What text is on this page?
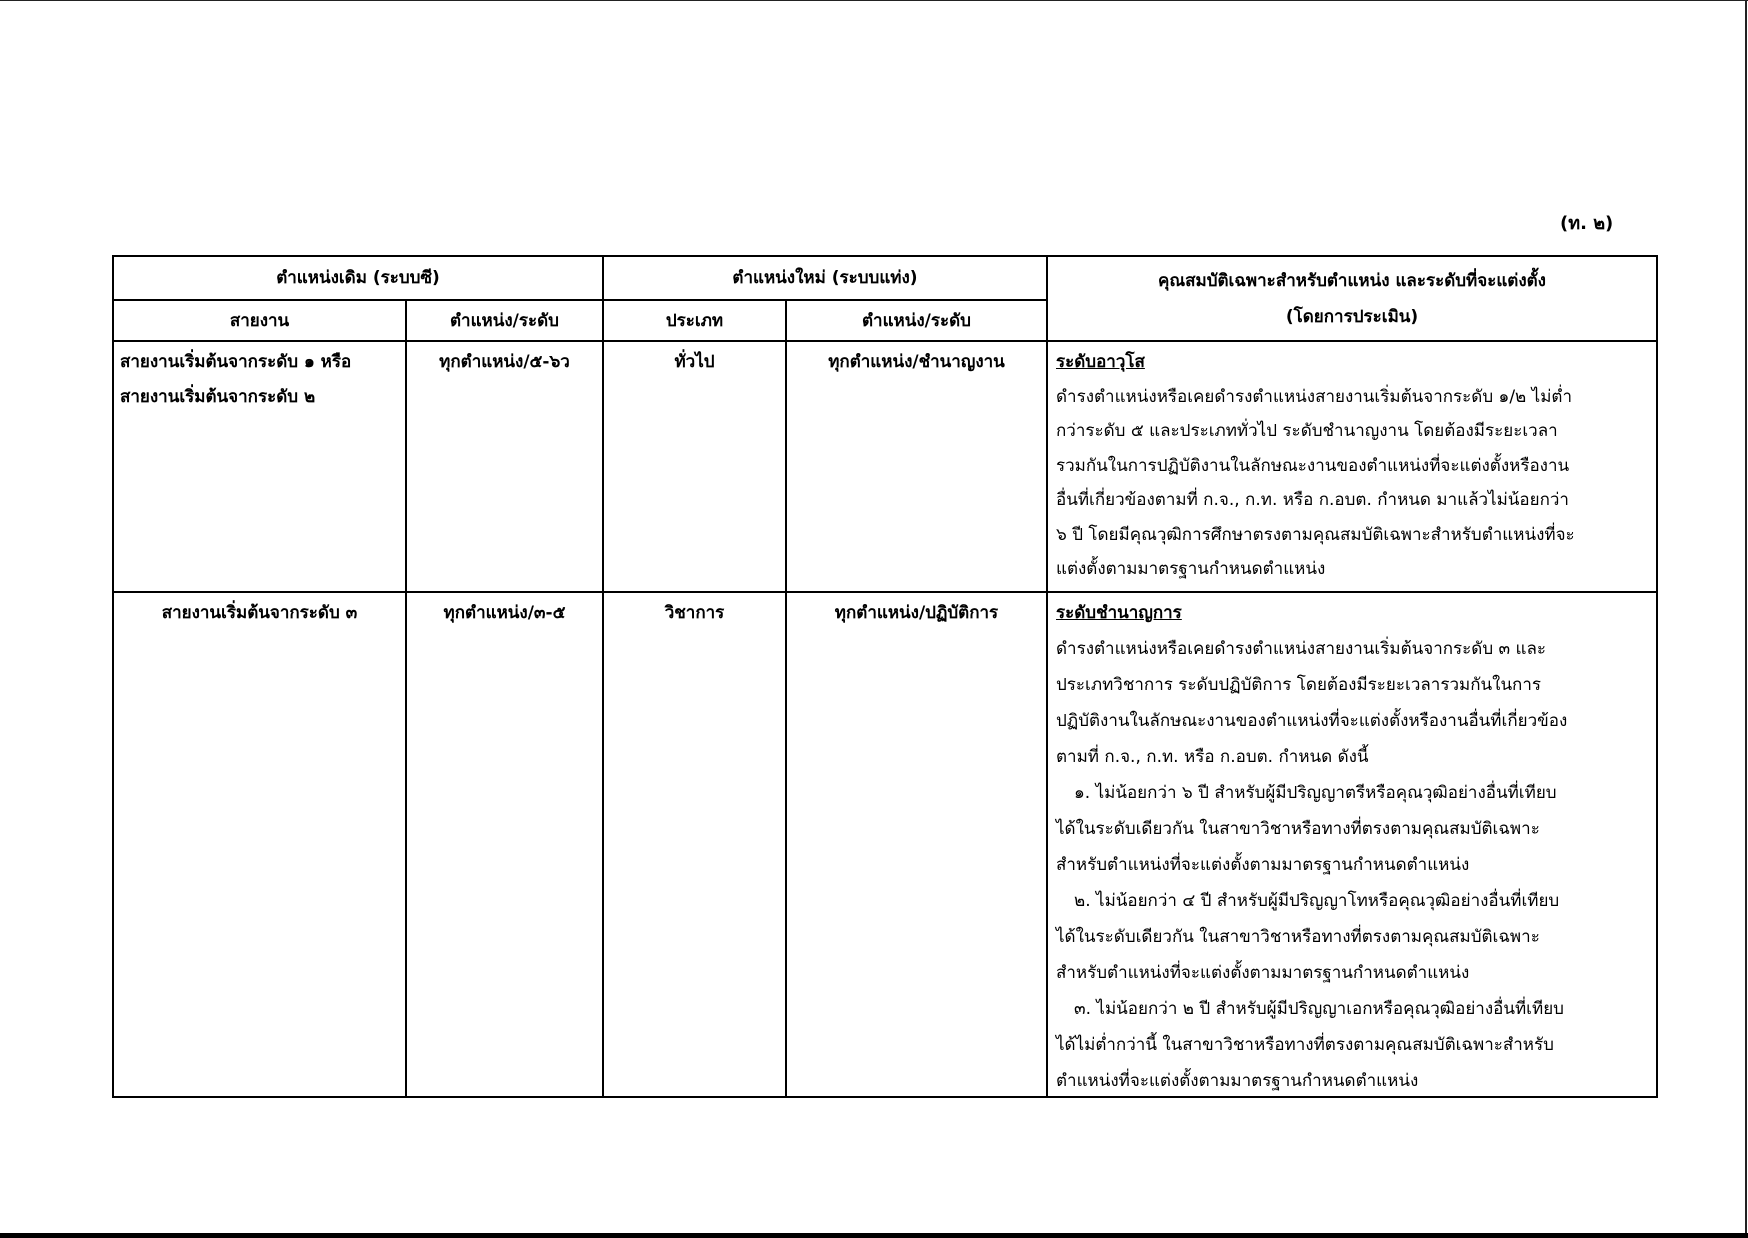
(ท. ๒)
ตำแหน่งเดิม (ระบบซี)	ตำแหน่งใหม่ (ระบบแท่ง)	คุณสมบัติเฉพาะสำหรับตำแหน่ง และระดับที่จะแต่งตั้ง
(โดยการประเมิน)
สายงาน	ตำแหน่ง/ระดับ	ประเภท	ตำแหน่ง/ระดับ
สายงานเริ่มต้นจากระดับ ๑ หรือ
สายงานเริ่มต้นจากระดับ ๒
ทุกตำแหน่ง/๕-๖ว	ทั่วไป	ทุกตำแหน่ง/ชำนาญงาน	ระดับอาวุโส
ดำรงตำแหน่งหรือเคยดำรงตำแหน่งสายงานเริ่มต้นจากระดับ ๑/๒ ไม่ต่ำ
กว่าระดับ ๕ และประเภททั่วไป ระดับชำนาญงาน โดยต้องมีระยะเวลา
รวมกันในการปฏิบัติงานในลักษณะงานของตำแหน่งที่จะแต่งตั้งหรืองาน
อื่นที่เกี่ยวข้องตามที่ ก.จ., ก.ท. หรือ ก.อบต. กำหนด มาแล้วไม่น้อยกว่า
๖ ปี โดยมีคุณวุฒิการศึกษาตรงตามคุณสมบัติเฉพาะสำหรับตำแหน่งที่จะ
แต่งตั้งตามมาตรฐานกำหนดตำแหน่ง
สายงานเริ่มต้นจากระดับ ๓	ทุกตำแหน่ง/๓-๕	วิชาการ	ทุกตำแหน่ง/ปฏิบัติการ	ระดับชำนาญการ
ดำรงตำแหน่งหรือเคยดำรงตำแหน่งสายงานเริ่มต้นจากระดับ ๓ และ
ประเภทวิชาการ ระดับปฏิบัติการ โดยต้องมีระยะเวลารวมกันในการ
ปฏิบัติงานในลักษณะงานของตำแหน่งที่จะแต่งตั้งหรืองานอื่นที่เกี่ยวข้อง
ตามที่ ก.จ., ก.ท. หรือ ก.อบต. กำหนด ดังนี้
๑. ไม่น้อยกว่า ๖ ปี สำหรับผู้มีปริญญาตรีหรือคุณวุฒิอย่างอื่นที่เทียบ
ได้ในระดับเดียวกัน ในสาขาวิชาหรือทางที่ตรงตามคุณสมบัติเฉพาะ
สำหรับตำแหน่งที่จะแต่งตั้งตามมาตรฐานกำหนดตำแหน่ง
๒. ไม่น้อยกว่า ๔ ปี สำหรับผู้มีปริญญาโทหรือคุณวุฒิอย่างอื่นที่เทียบ
ได้ในระดับเดียวกัน ในสาขาวิชาหรือทางที่ตรงตามคุณสมบัติเฉพาะ
สำหรับตำแหน่งที่จะแต่งตั้งตามมาตรฐานกำหนดตำแหน่ง
๓. ไม่น้อยกว่า ๒ ปี สำหรับผู้มีปริญญาเอกหรือคุณวุฒิอย่างอื่นที่เทียบ
ได้ไม่ต่ำกว่านี้ ในสาขาวิชาหรือทางที่ตรงตามคุณสมบัติเฉพาะสำหรับ
ตำแหน่งที่จะแต่งตั้งตามมาตรฐานกำหนดตำแหน่ง
